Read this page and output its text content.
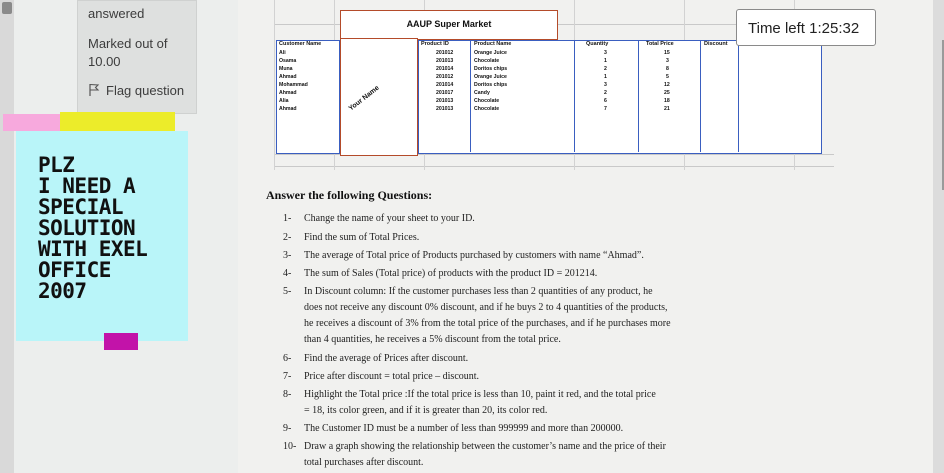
answered
Marked out of
10.00
Flag question
AAUP Super Market
Your Name
Customer Name	Product ID	Product Name	Quantity	Total Price	Discount
Ali	201012	Orange Juice	3	15
Osama	201013	Chocolate	1	3
Muna	201014	Doritos chips	2	8
Ahmad	201012	Orange Juice	1	5
Mohammad	201014	Doritos chips	3	12
Ahmad	201017	Candy	2	25
Alia	201013	Chocolate	6	18
Ahmad	201013	Chocolate	7	21
Answer the following Questions:
1- Change the name of your sheet to your ID.
2- Find the sum of Total Prices.
3- The average of Total price of Products purchased by customers with name “Ahmad”.
4- The sum of Sales (Total price) of products with the product ID = 201214.
5- In Discount column: If the customer purchases less than 2 quantities of any product, he
does not receive any discount 0% discount, and if he buys 2 to 4 quantities of the products,
he receives a discount of 3% from the total price of the purchases, and if he purchases more
than 4 quantities, he receives a 5% discount from the total price.
6- Find the average of Prices after discount.
7- Price after discount = total price – discount.
8- Highlight the Total price :If the total price is less than 10, paint it red, and the total price
= 18, its color green, and if it is greater than 20, its color red.
9- The Customer ID must be a number of less than 999999 and more than 200000.
10- Draw a graph showing the relationship between the customer’s name and the price of their
total purchases after discount.
Time left 1:25:32
PLZ
I NEED A
SPECIAL
SOLUTION
WITH EXEL
OFFICE
2007
